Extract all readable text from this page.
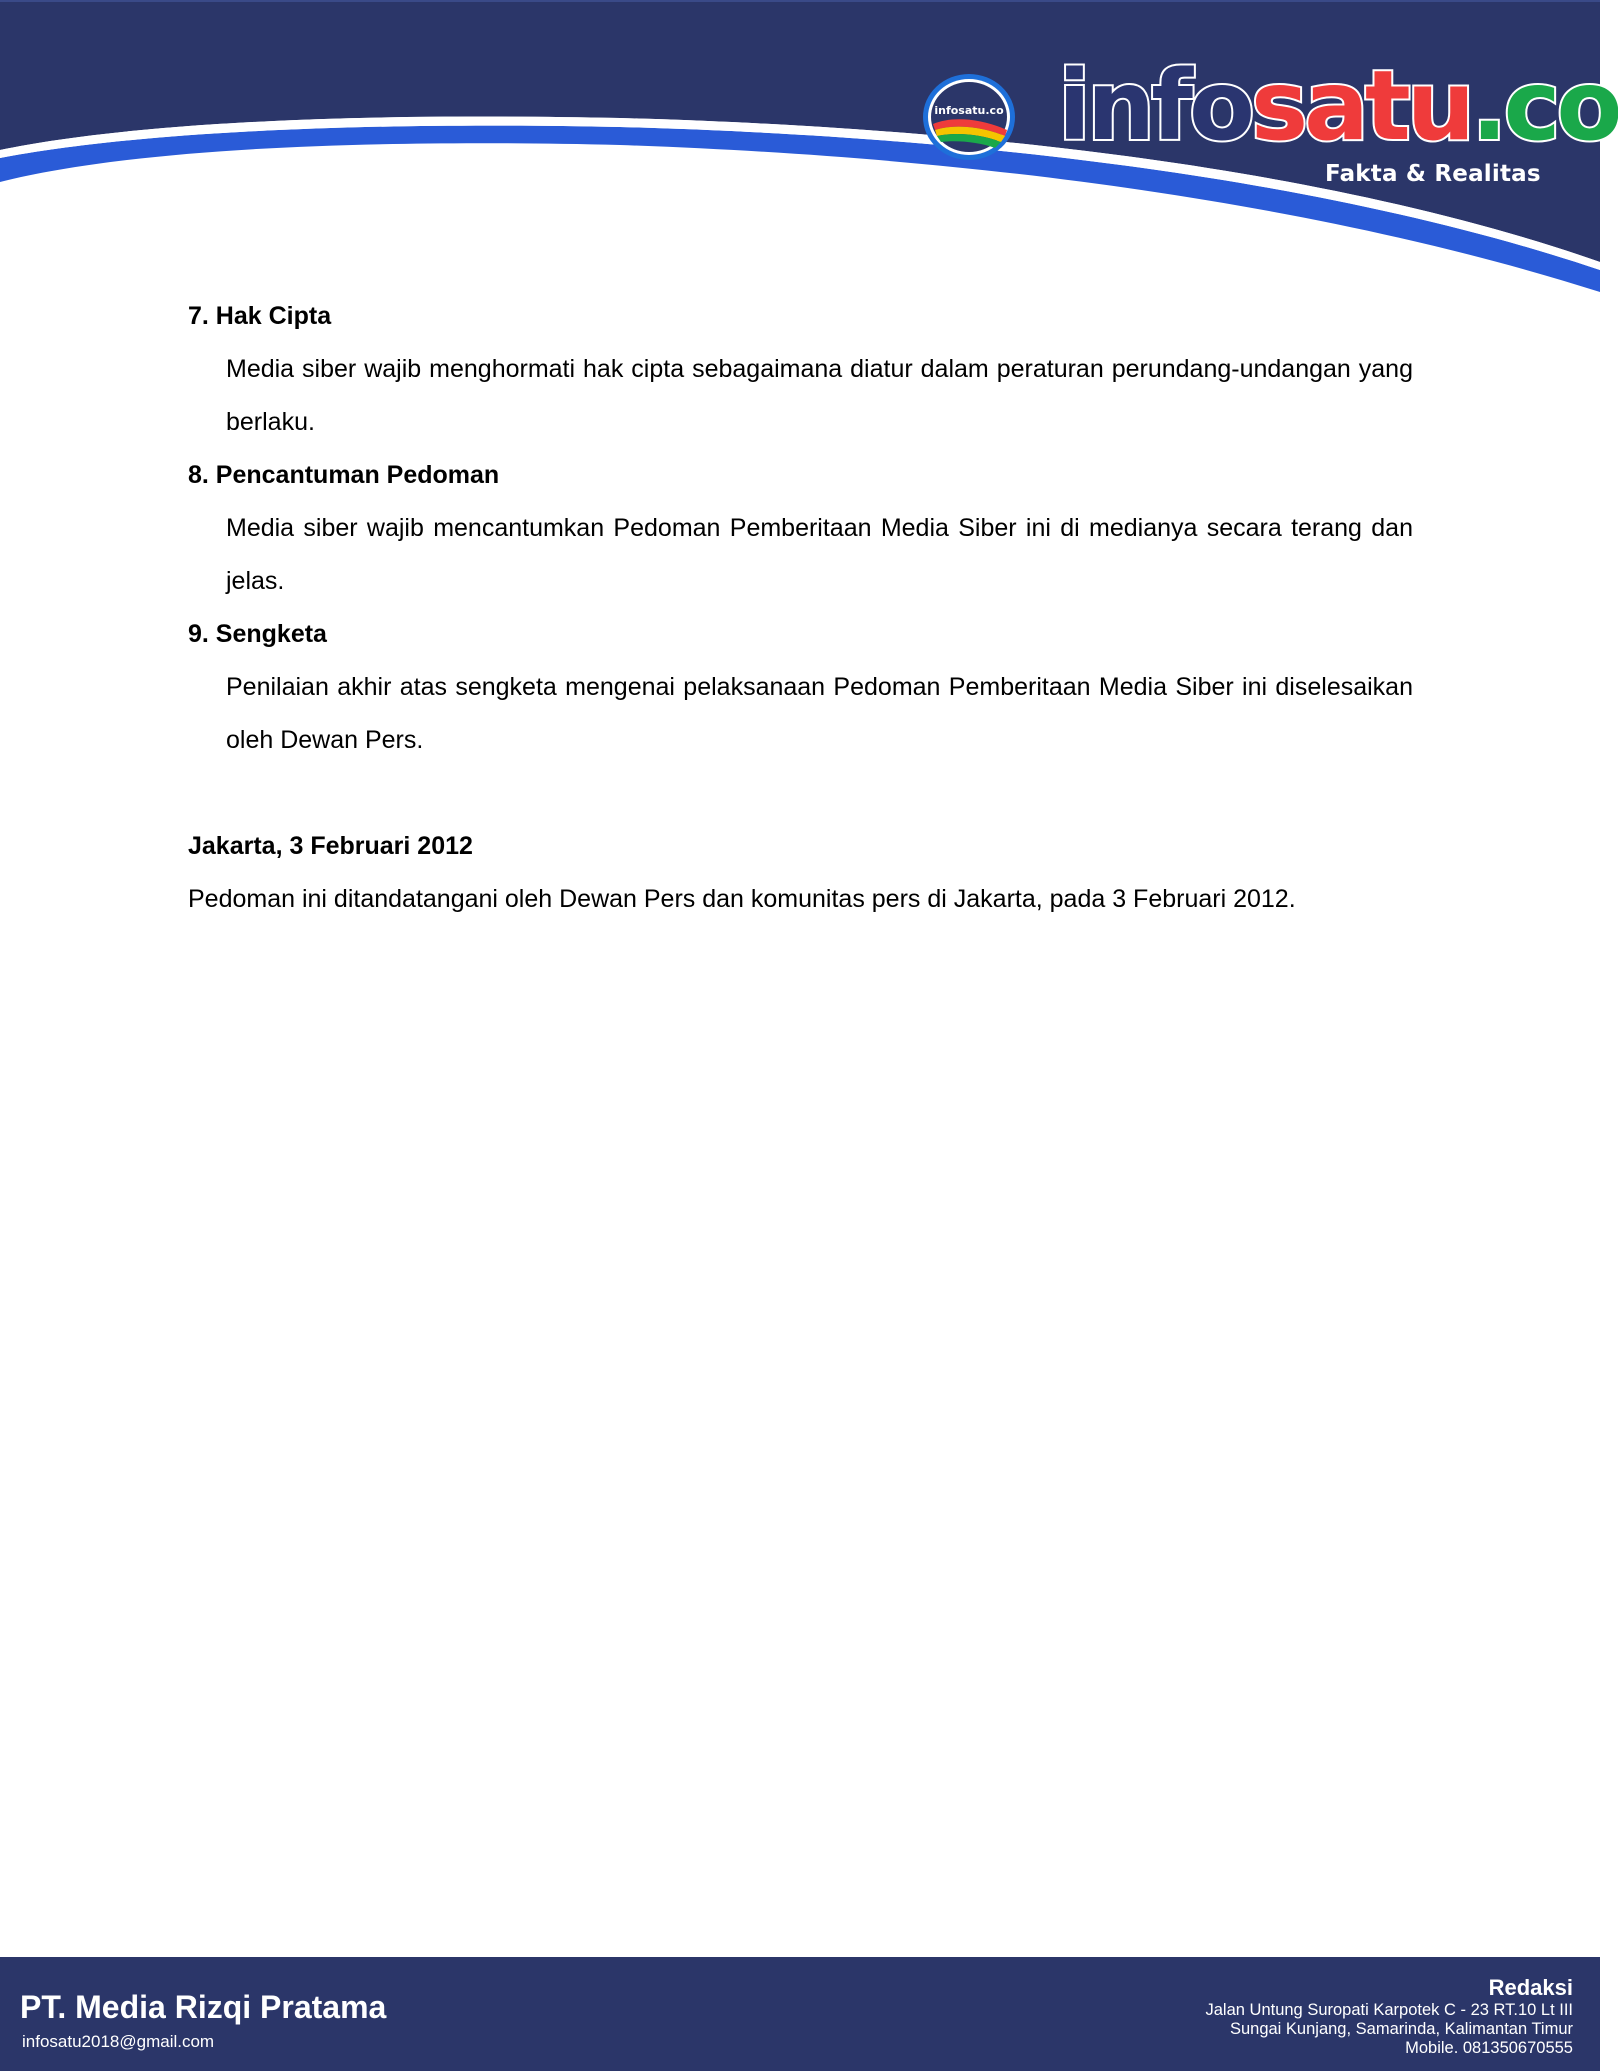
infosatu.co infosatu.co
Fakta & Realitas

7. Hak Cipta

Media siber wajib menghormati hak cipta sebagaimana diatur dalam peraturan perundang-undangan yang berlaku.

8. Pencantuman Pedoman

Media siber wajib mencantumkan Pedoman Pemberitaan Media Siber ini di medianya secara terang dan jelas.

9. Sengketa

Penilaian akhir atas sengketa mengenai pelaksanaan Pedoman Pemberitaan Media Siber ini diselesaikan oleh Dewan Pers.

Jakarta, 3 Februari 2012

Pedoman ini ditandatangani oleh Dewan Pers dan komunitas pers di Jakarta, pada 3 Februari 2012.

PT. Media Rizqi Pratama
infosatu2018@gmail.com
Redaksi
Jalan Untung Suropati Karpotek C - 23 RT.10 Lt III
Sungai Kunjang, Samarinda, Kalimantan Timur
Mobile. 081350670555
